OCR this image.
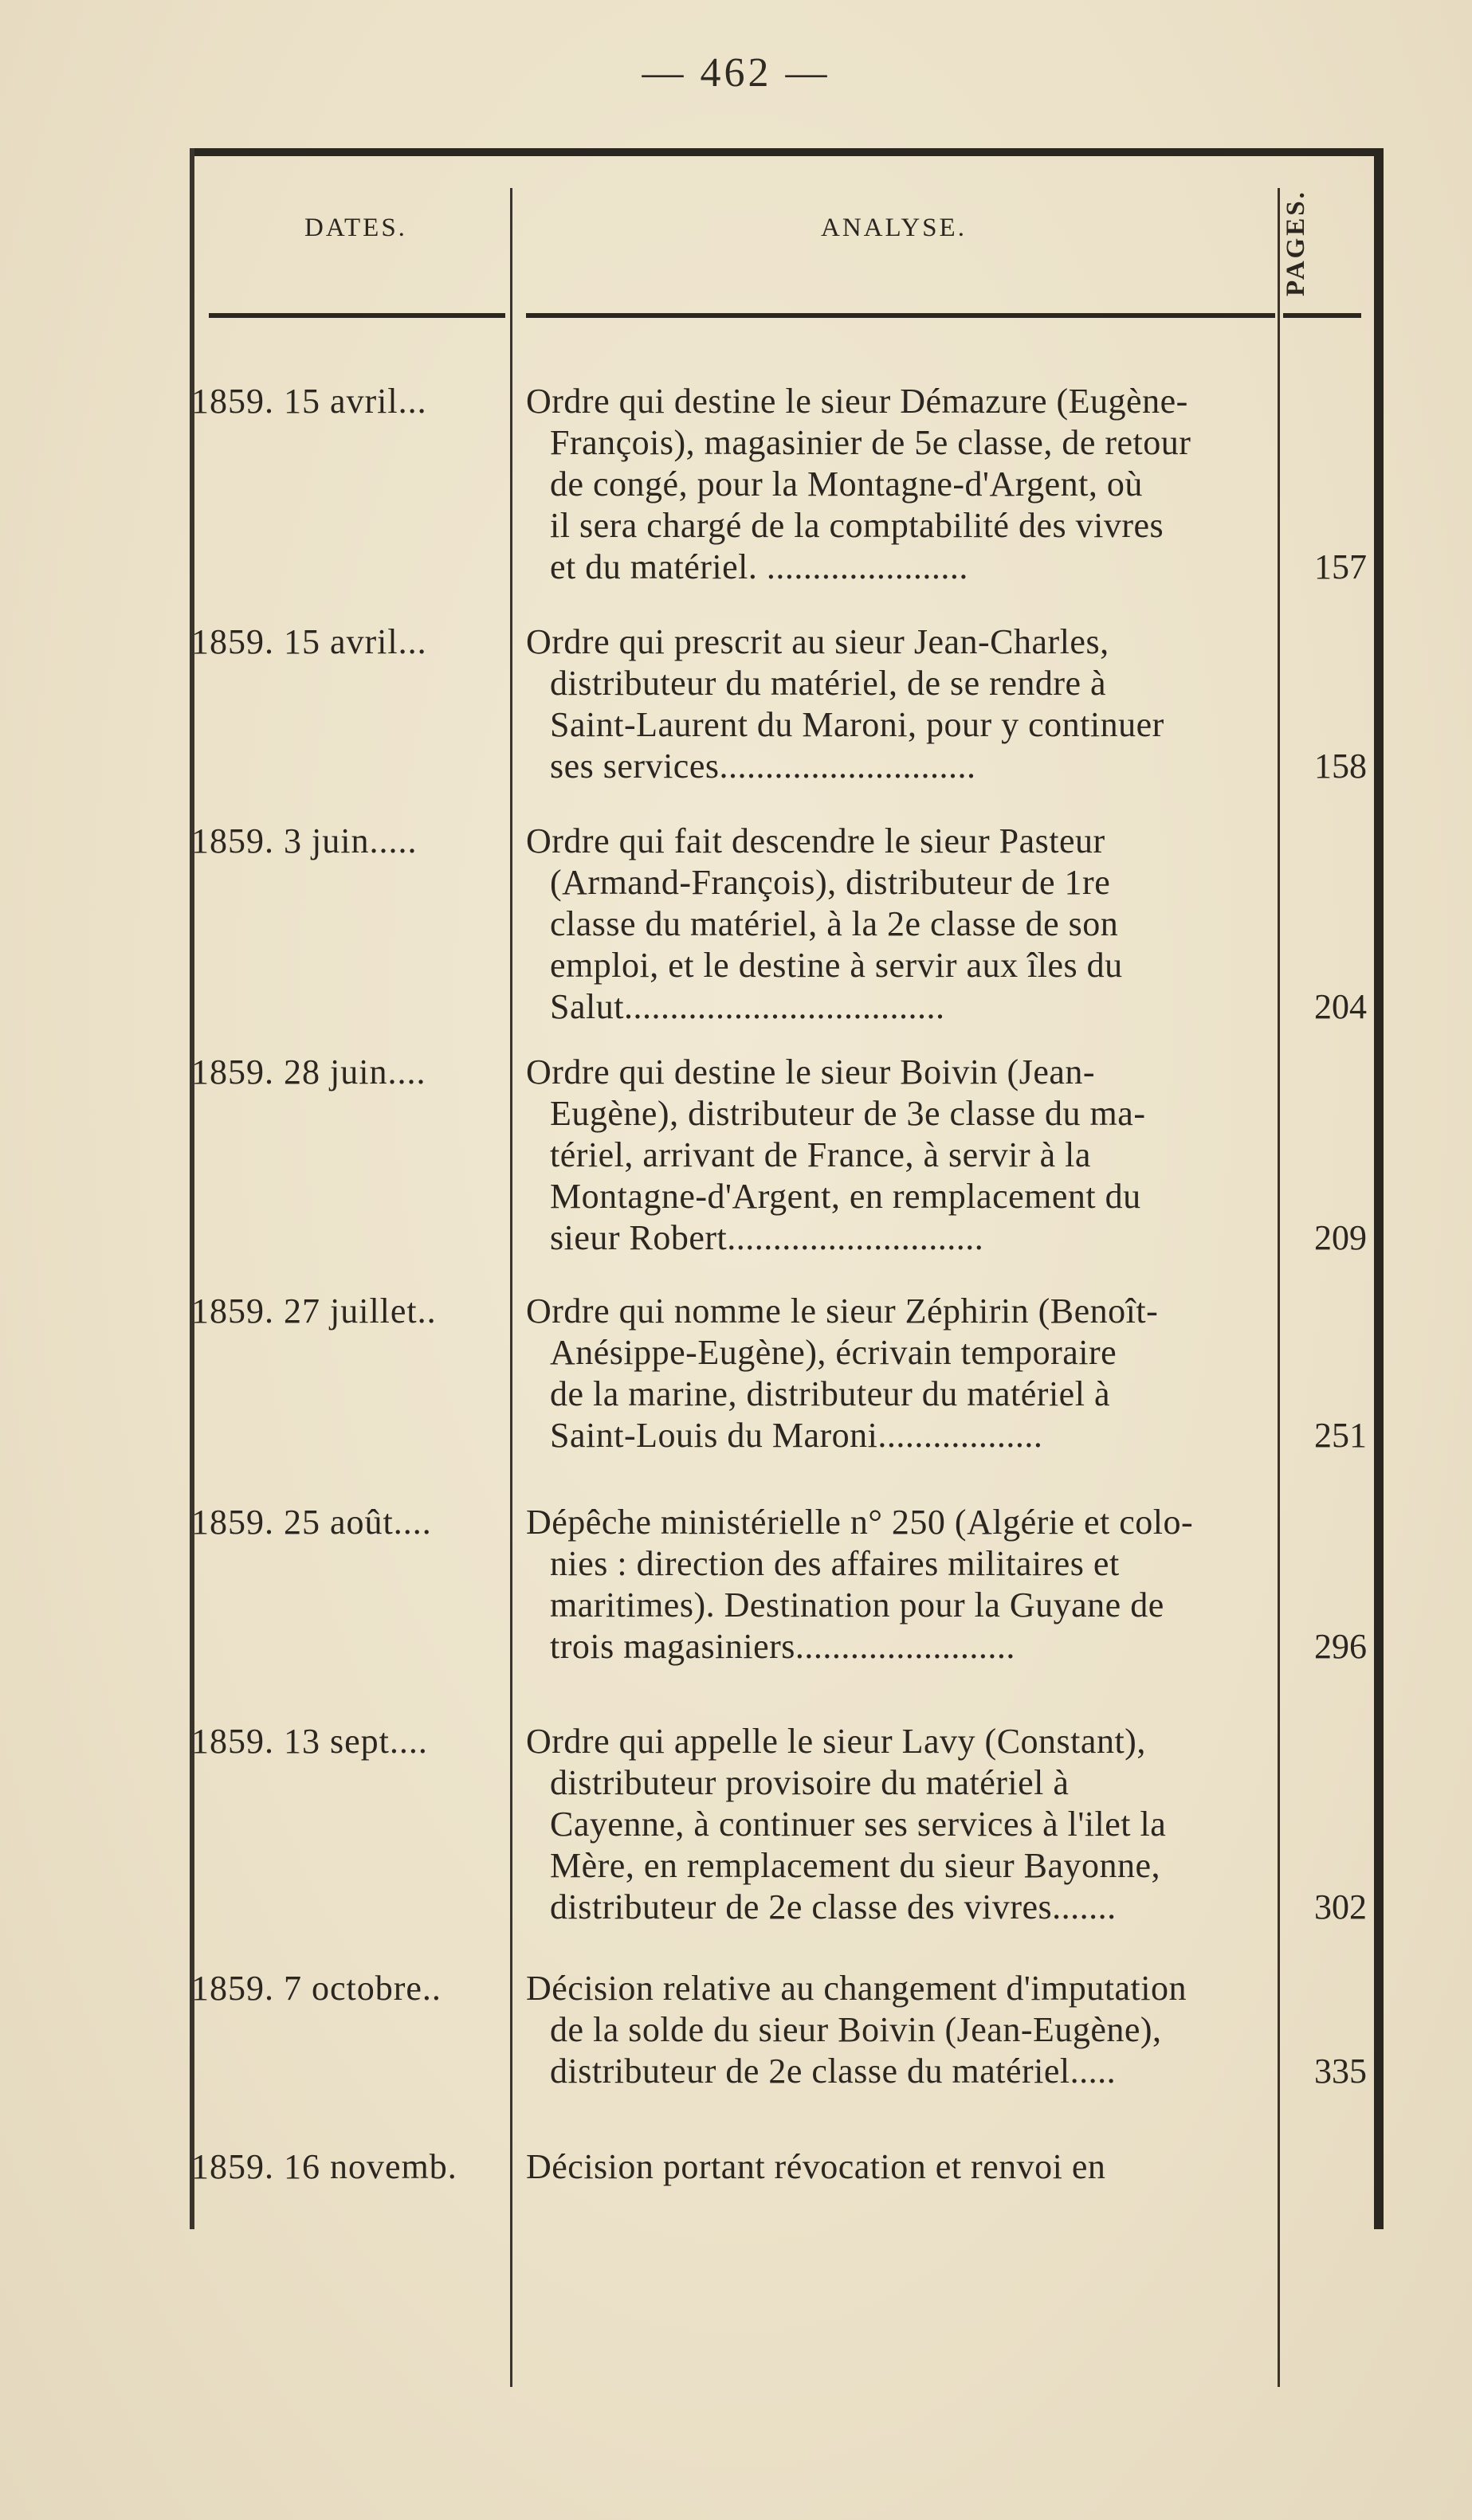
— 462 —
DATES.	ANALYSE.	PAGES.
1859. 15 avril...	Ordre qui destine le sieur Démazure (Eugène-
François), magasinier de 5e classe, de retour
de congé, pour la Montagne-d'Argent, où
il sera chargé de la comptabilité des vivres
et du matériel. ......................	157
1859. 15 avril...	Ordre qui prescrit au sieur Jean-Charles,
distributeur du matériel, de se rendre à
Saint-Laurent du Maroni, pour y continuer
ses services............................	158
1859. 3 juin.....	Ordre qui fait descendre le sieur Pasteur
(Armand-François), distributeur de 1re
classe du matériel, à la 2e classe de son
emploi, et le destine à servir aux îles du
Salut...................................	204
1859. 28 juin....	Ordre qui destine le sieur Boivin (Jean-
Eugène), distributeur de 3e classe du ma-
tériel, arrivant de France, à servir à la
Montagne-d'Argent, en remplacement du
sieur Robert............................	209
1859. 27 juillet..	Ordre qui nomme le sieur Zéphirin (Benoît-
Anésippe-Eugène), écrivain temporaire
de la marine, distributeur du matériel à
Saint-Louis du Maroni..................	251
1859. 25 août....	Dépêche ministérielle n° 250 (Algérie et colo-
nies : direction des affaires militaires et
maritimes). Destination pour la Guyane de
trois magasiniers........................	296
1859. 13 sept....	Ordre qui appelle le sieur Lavy (Constant),
distributeur provisoire du matériel à
Cayenne, à continuer ses services à l'ilet la
Mère, en remplacement du sieur Bayonne,
distributeur de 2e classe des vivres.......	302
1859. 7 octobre..	Décision relative au changement d'imputation
de la solde du sieur Boivin (Jean-Eugène),
distributeur de 2e classe du matériel.....	335
1859. 16 novemb.	Décision portant révocation et renvoi en
